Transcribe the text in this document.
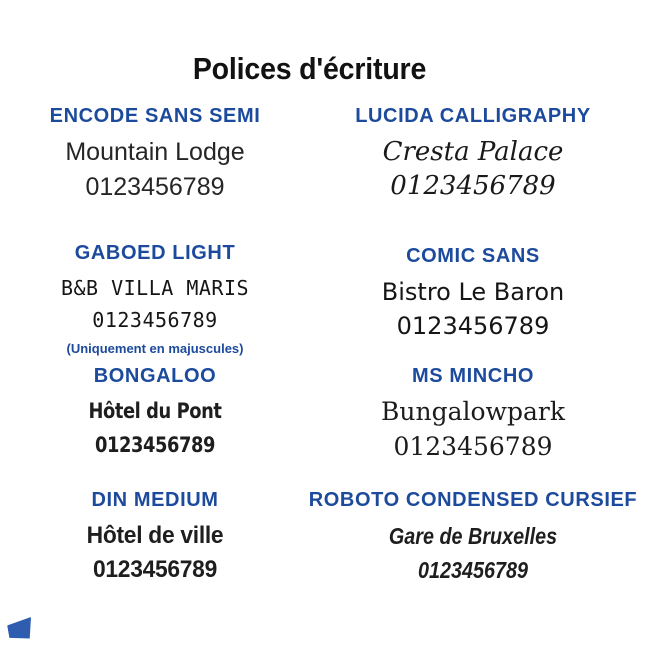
Polices d'écriture
ENCODE SANS SEMI
Mountain Lodge
0123456789
GABOED LIGHT
B&B VILLA MARIS
0123456789
(Uniquement en majuscules)
BONGALOO
Hôtel du Pont
0123456789
DIN MEDIUM
Hôtel de ville
0123456789
LUCIDA CALLIGRAPHY
Cresta Palace
0123456789
COMIC SANS
Bistro Le Baron
0123456789
MS MINCHO
Bungalowpark
0123456789
ROBOTO CONDENSED CURSIEF
Gare de Bruxelles
0123456789
